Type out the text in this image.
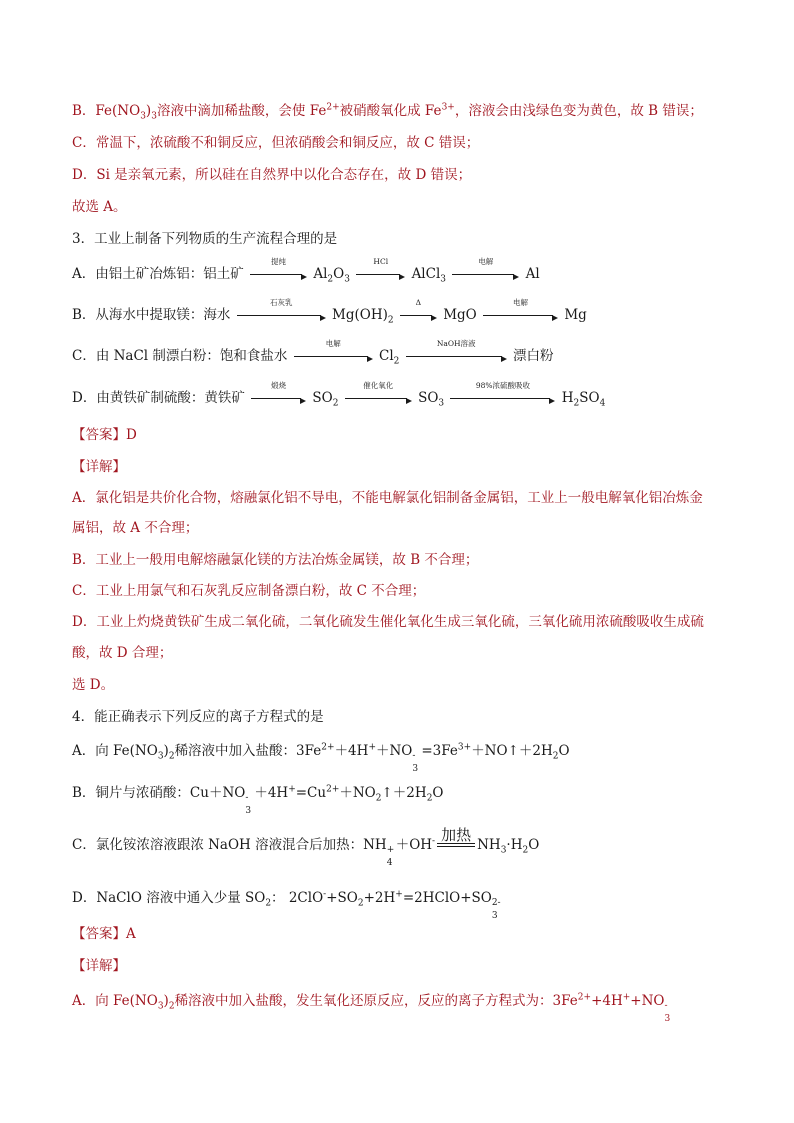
B．$Fe(NO_3)_3$溶液中滴加稀盐酸，会使 $Fe^{2+}$被硝酸氧化成 $Fe^{3+}$，溶液会由浅绿色变为黄色，故 B 错误；
C．常温下，浓硫酸不和铜反应，但浓硝酸会和铜反应，故 C 错误；
D．Si 是亲氧元素，所以硅在自然界中以化合态存在，故 D 错误；
故选 A。
3．工业上制备下列物质的生产流程合理的是
A．由铝土矿冶炼铝：铝土矿
提纯
$Al_2O_3$
HCl
AlCl$_3$
电解
Al
B．从海水中提取镁：海水
石灰乳
$Mg(OH)_2$
Δ
MgO
电解
Mg
C．由 NaCl 制漂白粉：饱和食盐水
电解
$Cl_2$
NaOH溶液
漂白粉
D．由黄铁矿制硫酸：黄铁矿
煅烧
$SO_2$
催化氧化
$SO_3$
98%浓硫酸吸收
$H_2SO_4$
【答案】D
【详解】
A．氯化铝是共价化合物，熔融氯化铝不导电，不能电解氯化铝制备金属铝，工业上一般电解氧化铝冶炼金
属铝，故 A 不合理；
B．工业上一般用电解熔融氯化镁的方法冶炼金属镁，故 B 不合理；
C．工业上用氯气和石灰乳反应制备漂白粉，故 C 不合理；
D．工业上灼烧黄铁矿生成二氧化硫，二氧化硫发生催化氧化生成三氧化硫，三氧化硫用浓硫酸吸收生成硫
酸，故 D 合理；
选 D。
4．能正确表示下列反应的离子方程式的是
A．向 $Fe(NO_3)_2$稀溶液中加入盐酸：$3Fe^{2+}+4H^++NO$ -
3
$=3Fe^{3+}+NO↑+2H_2O$
B．铜片与浓硝酸：Cu＋NO -
3
$+4H^+=Cu^{2+}+NO_2↑+2H_2O$
C．氯化铵浓溶液跟浓 NaOH 溶液混合后加热：NH +
4
＋OH- 加热
$NH_3\cdot H_2O$
D．NaClO 溶液中通入少量 $SO_2$： $2ClO^-+SO_2+2H^+=2HClO+SO$ 2-
3
【答案】A
【详解】
A．向 $Fe(NO_3)_2$稀溶液中加入盐酸，发生氧化还原反应，反应的离子方程式为：$3Fe^{2+}+4H^++NO$ -
3
